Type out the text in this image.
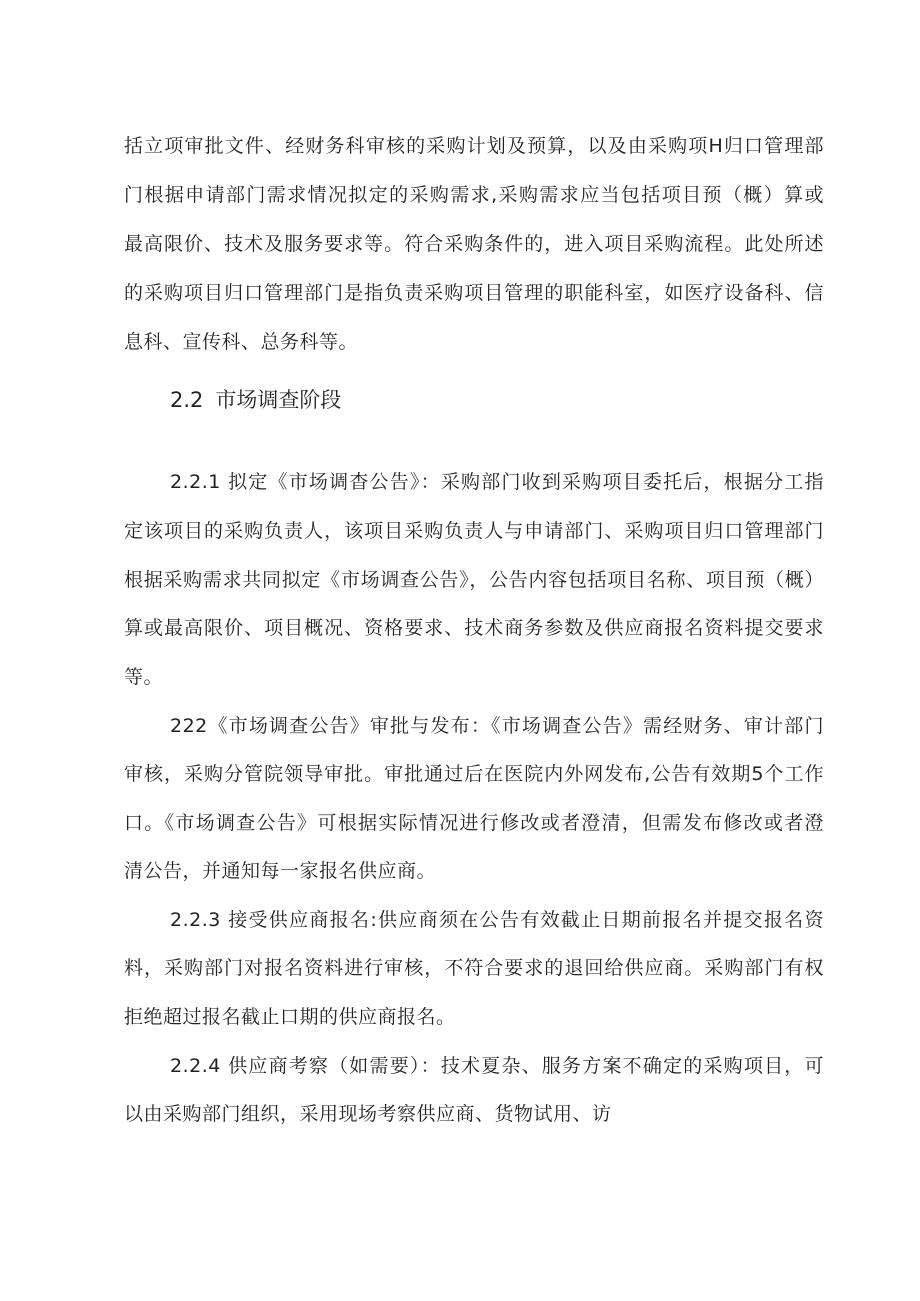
括立项审批文件、经财务科审核的采购计划及预算，以及由采购项H归口管理部
门根据申请部门需求情况拟定的采购需求,采购需求应当包括项目预（概）算或
最高限价、技术及服务要求等。符合采购条件的，进入项目采购流程。此处所述
的采购项目归口管理部门是指负责采购项目管理的职能科室，如医疗设备科、信
息科、宣传科、总务科等。
2.2 市场调查阶段
2.2.1 拟定《市场调杳公告》：采购部门收到采购项目委托后，根据分工指
定该项目的采购负责人，该项目采购负责人与申请部门、采购项目归口管理部门
根据采购需求共同拟定《市场调查公告》，公告内容包括项目名称、项目预（概）
算或最高限价、项目概况、资格要求、技术商务参数及供应商报名资料提交要求
等。
222《市场调查公告》审批与发布：《市场调查公告》需经财务、审计部门
审核，采购分管院领导审批。审批通过后在医院内外网发布,公告有效期5个工作
口。《市场调查公告》可根据实际情况进行修改或者澄清，但需发布修改或者澄
清公告，并通知每一家报名供应商。
2.2.3 接受供应商报名:供应商须在公告有效截止日期前报名并提交报名资
料，采购部门对报名资料进行审核，不符合要求的退回给供应商。采购部门有权
拒绝超过报名截止口期的供应商报名。
2.2.4 供应商考察（如需要）：技术夏杂、服务方案不确定的采购项目，可
以由采购部门组织，采用现场考察供应商、货物试用、访
